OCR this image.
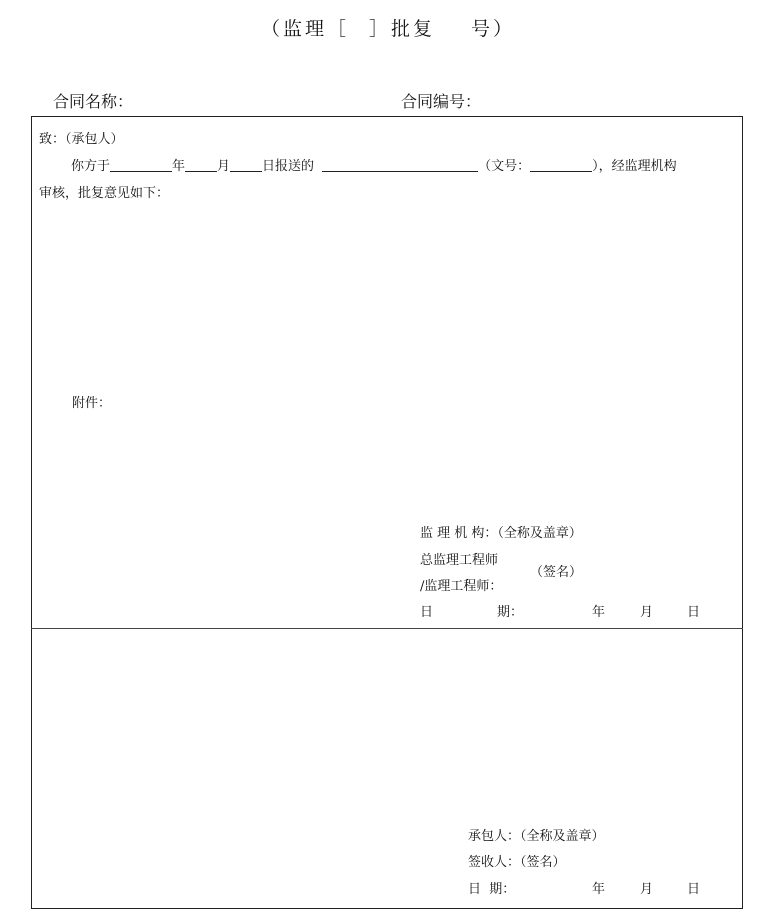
（监理［ ］批复 号）
合同名称：	合同编号：
致：（承包人）
你方于	年 月 日报送的	（文号：	），经监理机构
审核，批复意见如下：
附件：
监 理 机 构：（全称及盖章）
总监理工程师
/监理工程师：
（签名）
日	期：	年	月	日
承包人：（全称及盖章）
签收人：（签名）
日  期：	年	月	日
